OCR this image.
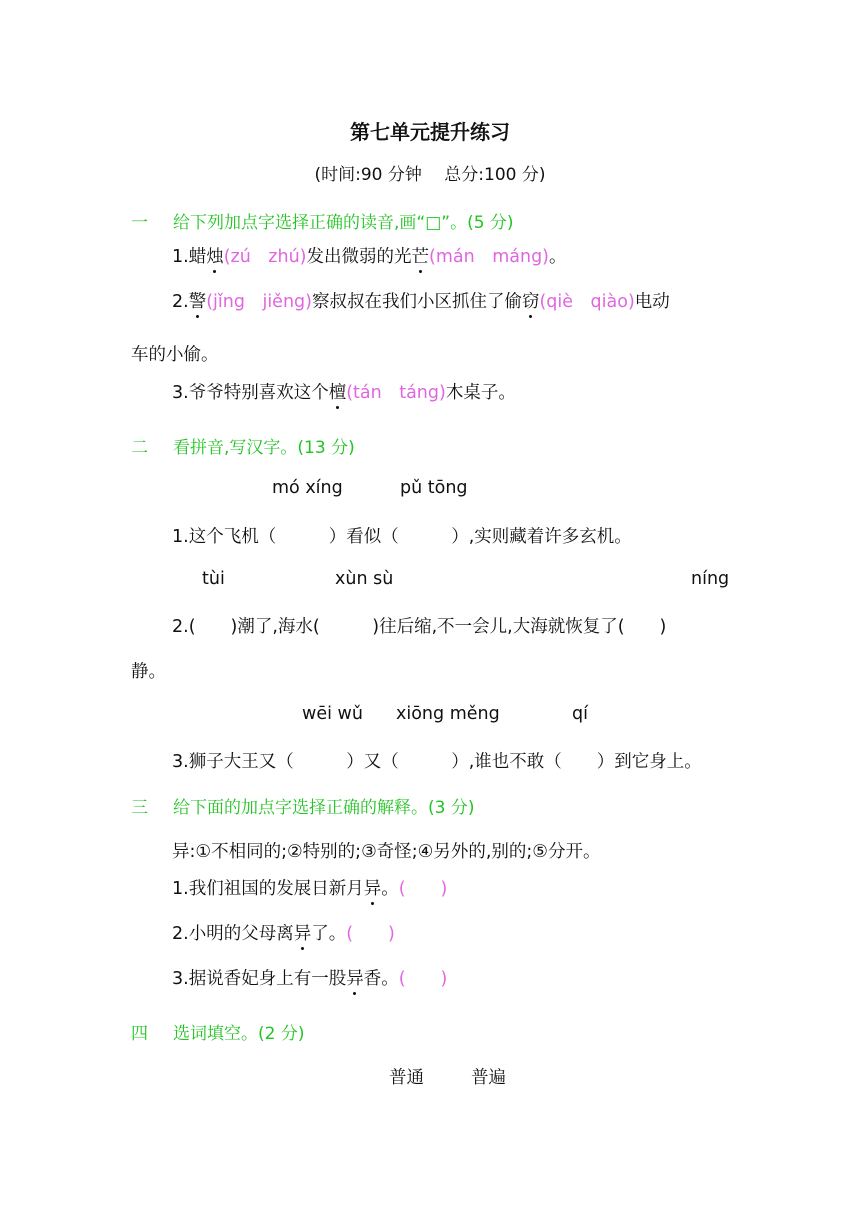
第七单元提升练习
(时间:90 分钟　 总分:100 分)
一 给下列加点字选择正确的读音,画“□”。(5 分)
1.蜡烛(zú　zhú)发出微弱的光芒(mán　máng)。
2.警(jǐng　jiěng)察叔叔在我们小区抓住了偷窃(qiè　qiào)电动
车的小偷。
3.爷爷特别喜欢这个檀(tán　táng)木桌子。
二 看拼音,写汉字。(13 分)
mó xíng	pǔ tōng
1.这个飞机（　　　）看似（　　　）,实则藏着许多玄机。
tùi	xùn sù	níng
2.(　　)潮了,海水(　　　)往后缩,不一会儿,大海就恢复了(　　)
静。
wēi wǔ xiōng měng	qí
3.狮子大王又（　　　）又（　　　）,谁也不敢（　　）到它身上。
三 给下面的加点字选择正确的解释。(3 分)
异:①不相同的;②特别的;③奇怪;④另外的,别的;⑤分开。
1.我们祖国的发展日新月异。(　　)
2.小明的父母离异了。(　　)
3.据说香妃身上有一股异香。(　　)
四 选词填空。(2 分)
普通	普遍
